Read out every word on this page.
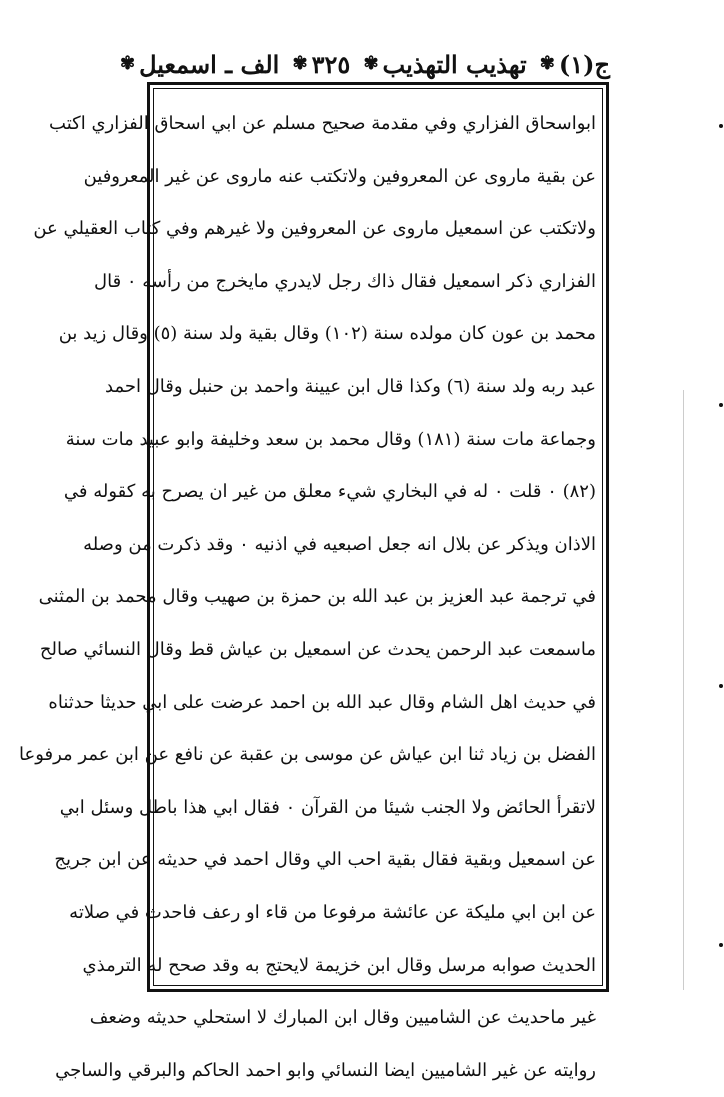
ج(١)
✾
تهذيب التهذيب
✾
٣٢٥
✾
الف ـ اسمعيل
✾
ابواسحاق الفزاري وفي مقدمة صحيح مسلم عن ابي اسحاق الفزاري اكتب
عن بقية ماروى عن المعروفين ولاتكتب عنه ماروى عن غير المعروفين
ولاتكتب عن اسمعيل ماروى عن المعروفين ولا غيرهم وفي كتاب العقيلي عن
الفزاري ذكر اسمعيل فقال ذاك رجل لايدري مايخرج من رأسه ٠ قال
محمد بن عون كان مولده سنة (١٠٢) وقال بقية ولد سنة (٥) وقال زيد بن
عبد ربه ولد سنة (٦) وكذا قال ابن عيينة واحمد بن حنبل وقال احمد
وجماعة مات سنة (١٨١) وقال محمد بن سعد وخليفة وابو عبيد مات سنة
(٨٢) ٠ قلت ٠ له في البخاري شيء معلق من غير ان يصرح به كقوله في
الاذان ويذكر عن بلال انه جعل اصبعيه في اذنيه ٠ وقد ذكرت من وصله
في ترجمة عبد العزيز بن عبد الله بن حمزة بن صهيب وقال محمد بن المثنى
ماسمعت عبد الرحمن يحدث عن اسمعيل بن عياش قط وقال النسائي صالح
في حديث اهل الشام وقال عبد الله بن احمد عرضت على ابي حديثا حدثناه
الفضل بن زياد ثنا ابن عياش عن موسى بن عقبة عن نافع عن ابن عمر مرفوعا
لاتقرأ الحائض ولا الجنب شيئا من القرآن ٠ فقال ابي هذا باطل وسئل ابي
عن اسمعيل وبقية فقال بقية احب الي وقال احمد في حديثه عن ابن جريج
عن ابن ابي مليكة عن عائشة مرفوعا من قاء او رعف فاحدث في صلاته
الحديث صوابه مرسل وقال ابن خزيمة لايحتج به وقد صحح له الترمذي
غير ماحديث عن الشاميين وقال ابن المبارك لا استحلي حديثه وضعف
روايته عن غير الشاميين ايضا النسائي وابو احمد الحاكم والبرقي والساجي
